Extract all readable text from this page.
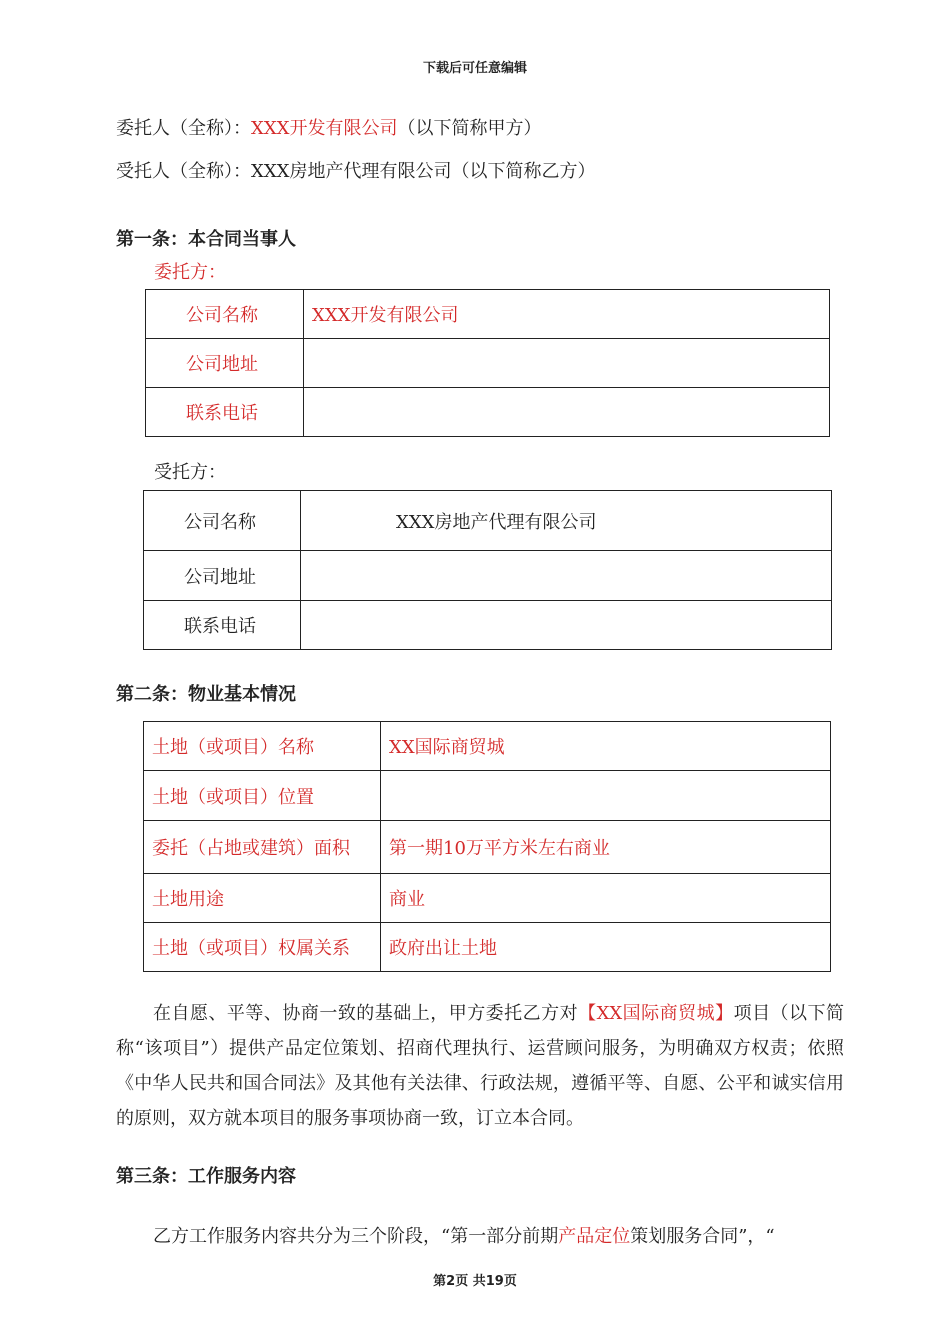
下载后可任意编辑
委托人（全称）：XXX开发有限公司（以下简称甲方）
受托人（全称）：XXX房地产代理有限公司（以下简称乙方）
第一条：本合同当事人
委托方：
公司名称	XXX开发有限公司
公司地址	
联系电话	
受托方：
公司名称	XXX房地产代理有限公司
公司地址	
联系电话	
第二条：物业基本情况
土地（或项目）名称	XX国际商贸城
土地（或项目）位置	
委托（占地或建筑）面积	第一期10万平方米左右商业
土地用途	商业
土地（或项目）权属关系	政府出让土地
在自愿、平等、协商一致的基础上，甲方委托乙方对【XX国际商贸城】项目（以下简称“该项目”）提供产品定位策划、招商代理执行、运营顾问服务，为明确双方权责；依照《中华人民共和国合同法》及其他有关法律、行政法规，遵循平等、自愿、公平和诚实信用的原则，双方就本项目的服务事项协商一致，订立本合同。
第三条：工作服务内容
乙方工作服务内容共分为三个阶段，“第一部分前期产品定位策划服务合同”，“
第2页 共19页
